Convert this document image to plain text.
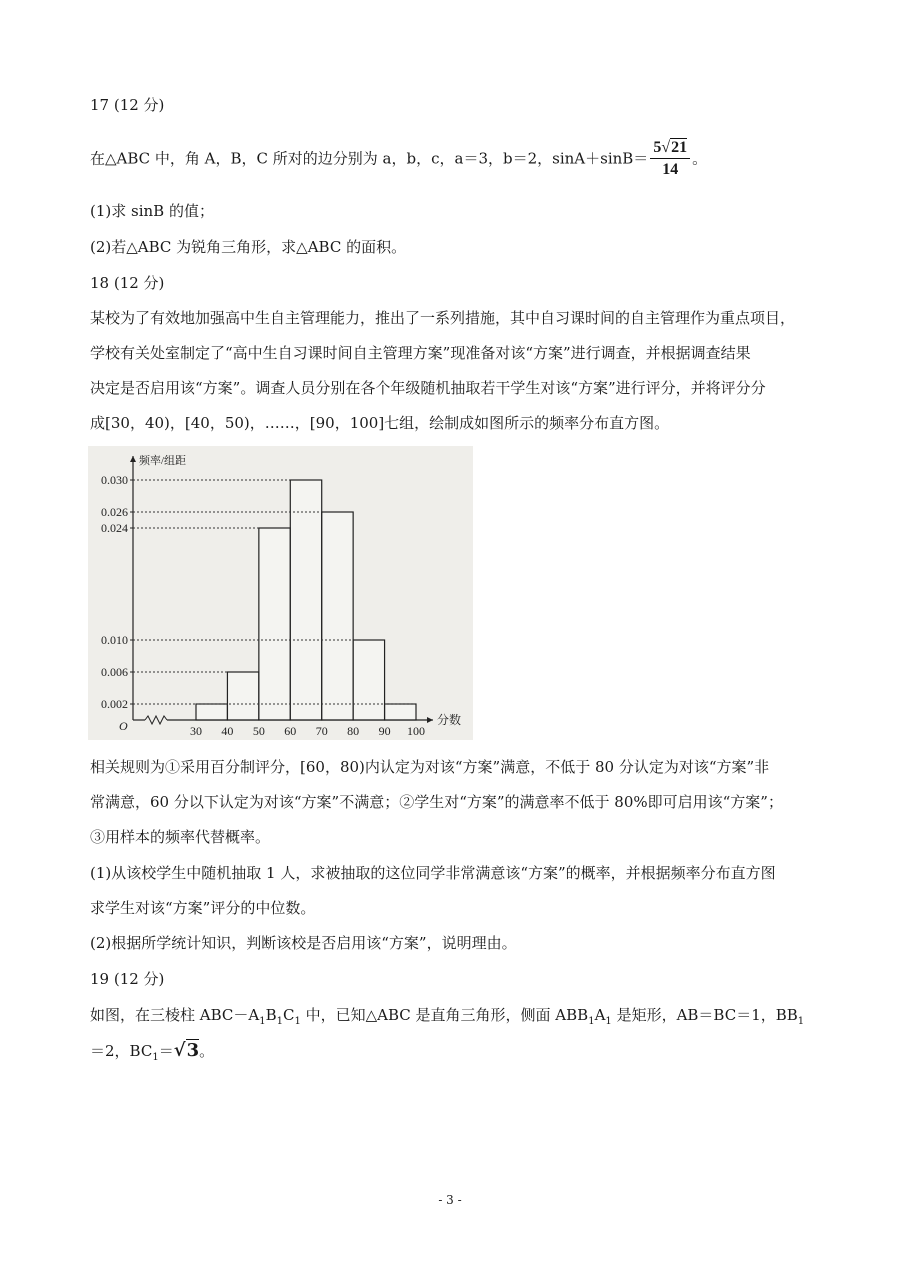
17 (12 分)
在△ABC 中，角 A，B，C 所对的边分别为 a，b，c，a＝3，b＝2，$\sin A+\sin B= \frac{5√21}{14}$ 。
(1)求 sinB 的值；
(2)若△ABC 为锐角三角形，求△ABC 的面积。
18 (12 分)
某校为了有效地加强高中生自主管理能力，推出了一系列措施，其中自习课时间的自主管理作为重点项目，
学校有关处室制定了“高中生自习课时间自主管理方案”现准备对该“方案”进行调查，并根据调查结果
决定是否启用该“方案”。调查人员分别在各个年级随机抽取若干学生对该“方案”进行评分，并将评分分
成[30，40)，[40，50)，……，[90，100]七组，绘制成如图所示的频率分布直方图。
频率/组距
分数
O
0.002
0.006
0.010
0.024
0.026
0.030
30 40 50 60 70 80 90 100
相关规则为①采用百分制评分，[60，80)内认定为对该“方案”满意，不低于 80 分认定为对该“方案”非
常满意，60 分以下认定为对该“方案”不满意；②学生对“方案”的满意率不低于 80%即可启用该“方案”；
③用样本的频率代替概率。
(1)从该校学生中随机抽取 1 人，求被抽取的这位同学非常满意该“方案”的概率，并根据频率分布直方图
求学生对该“方案”评分的中位数。
(2)根据所学统计知识，判断该校是否启用该“方案”，说明理由。
19 (12 分)
如图，在三棱柱 $ABC-A_1B_1C_1$ 中，已知△ABC 是直角三角形，侧面 $ABB_1A_1$ 是矩形，AB＝BC＝1，$BB_1$
＝2，$BC_1=√3$。
- 3 -
